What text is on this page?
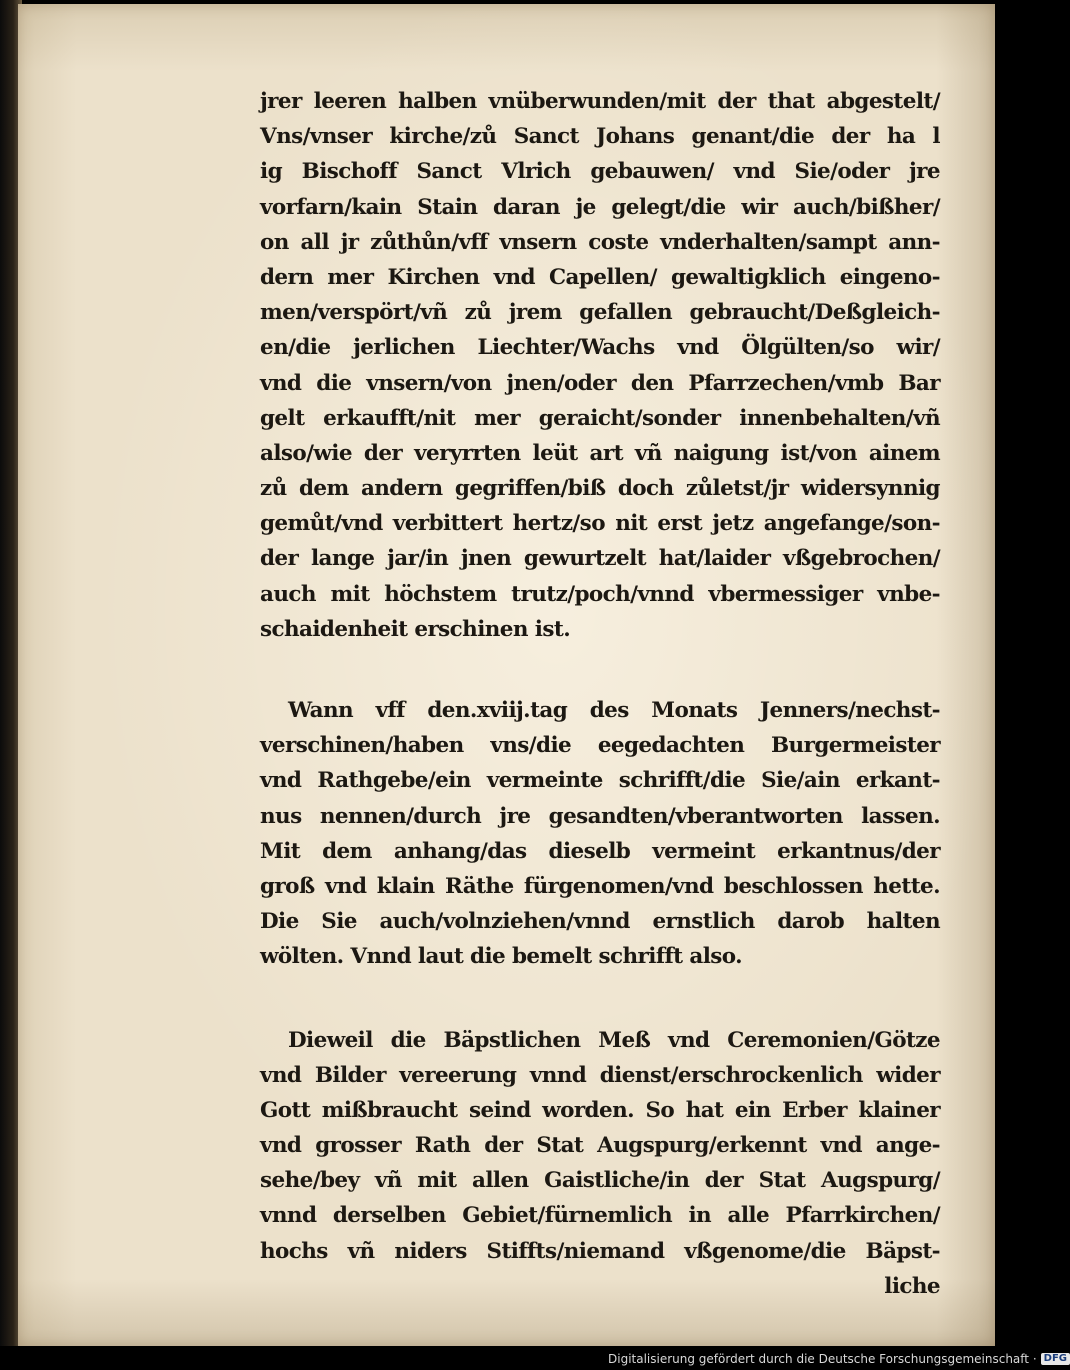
jrer leeren halben vnüberwunden/mit der that abgestelt/
Vns/vnser kirche/zů Sanct Johans genant/die der ha l
ig Bischoff Sanct Vlrich gebauwen/ vnd Sie/oder jre
vorfarn/kain Stain daran je gelegt/die wir auch/bißher/
on all jr zůthůn/vff vnsern coste vnderhalten/sampt ann-
dern mer Kirchen vnd Capellen/ gewaltigklich eingeno-
men/verspört/vñ zů jrem gefallen gebraucht/Deßgleich-
en/die jerlichen Liechter/Wachs vnd Ölgülten/so wir/
vnd die vnsern/von jnen/oder den Pfarrzechen/vmb Bar
gelt erkaufft/nit mer geraicht/sonder innenbehalten/vñ
also/wie der veryrrten leüt art vñ naigung ist/von ainem
zů dem andern gegriffen/biß doch zůletst/jr widersynnig
gemůt/vnd verbittert hertz/so nit erst jetz angefange/son-
der lange jar/in jnen gewurtzelt hat/laider vßgebrochen/
auch mit höchstem trutz/poch/vnnd vbermessiger vnbe-
schaidenheit erschinen ist.
Wann vff den.xviij.tag des Monats Jenners/nechst-
verschinen/haben vns/die eegedachten Burgermeister
vnd Rathgebe/ein vermeinte schrifft/die Sie/ain erkant-
nus nennen/durch jre gesandten/vberantworten lassen.
Mit dem anhang/das dieselb vermeint erkantnus/der
groß vnd klain Räthe fürgenomen/vnd beschlossen hette.
Die Sie auch/volnziehen/vnnd ernstlich darob halten
wölten. Vnnd laut die bemelt schrifft also.
Dieweil die Bäpstlichen Meß vnd Ceremonien/Götze
vnd Bilder vereerung vnnd dienst/erschrockenlich wider
Gott mißbraucht seind worden. So hat ein Erber klainer
vnd grosser Rath der Stat Augspurg/erkennt vnd ange-
sehe/bey vñ mit allen Gaistliche/in der Stat Augspurg/
vnnd derselben Gebiet/fürnemlich in alle Pfarrkirchen/
hochs vñ niders Stiffts/niemand vßgenome/die Bäpst-
liche
Digitalisierung gefördert durch die Deutsche Forschungsgemeinschaft · DFG
